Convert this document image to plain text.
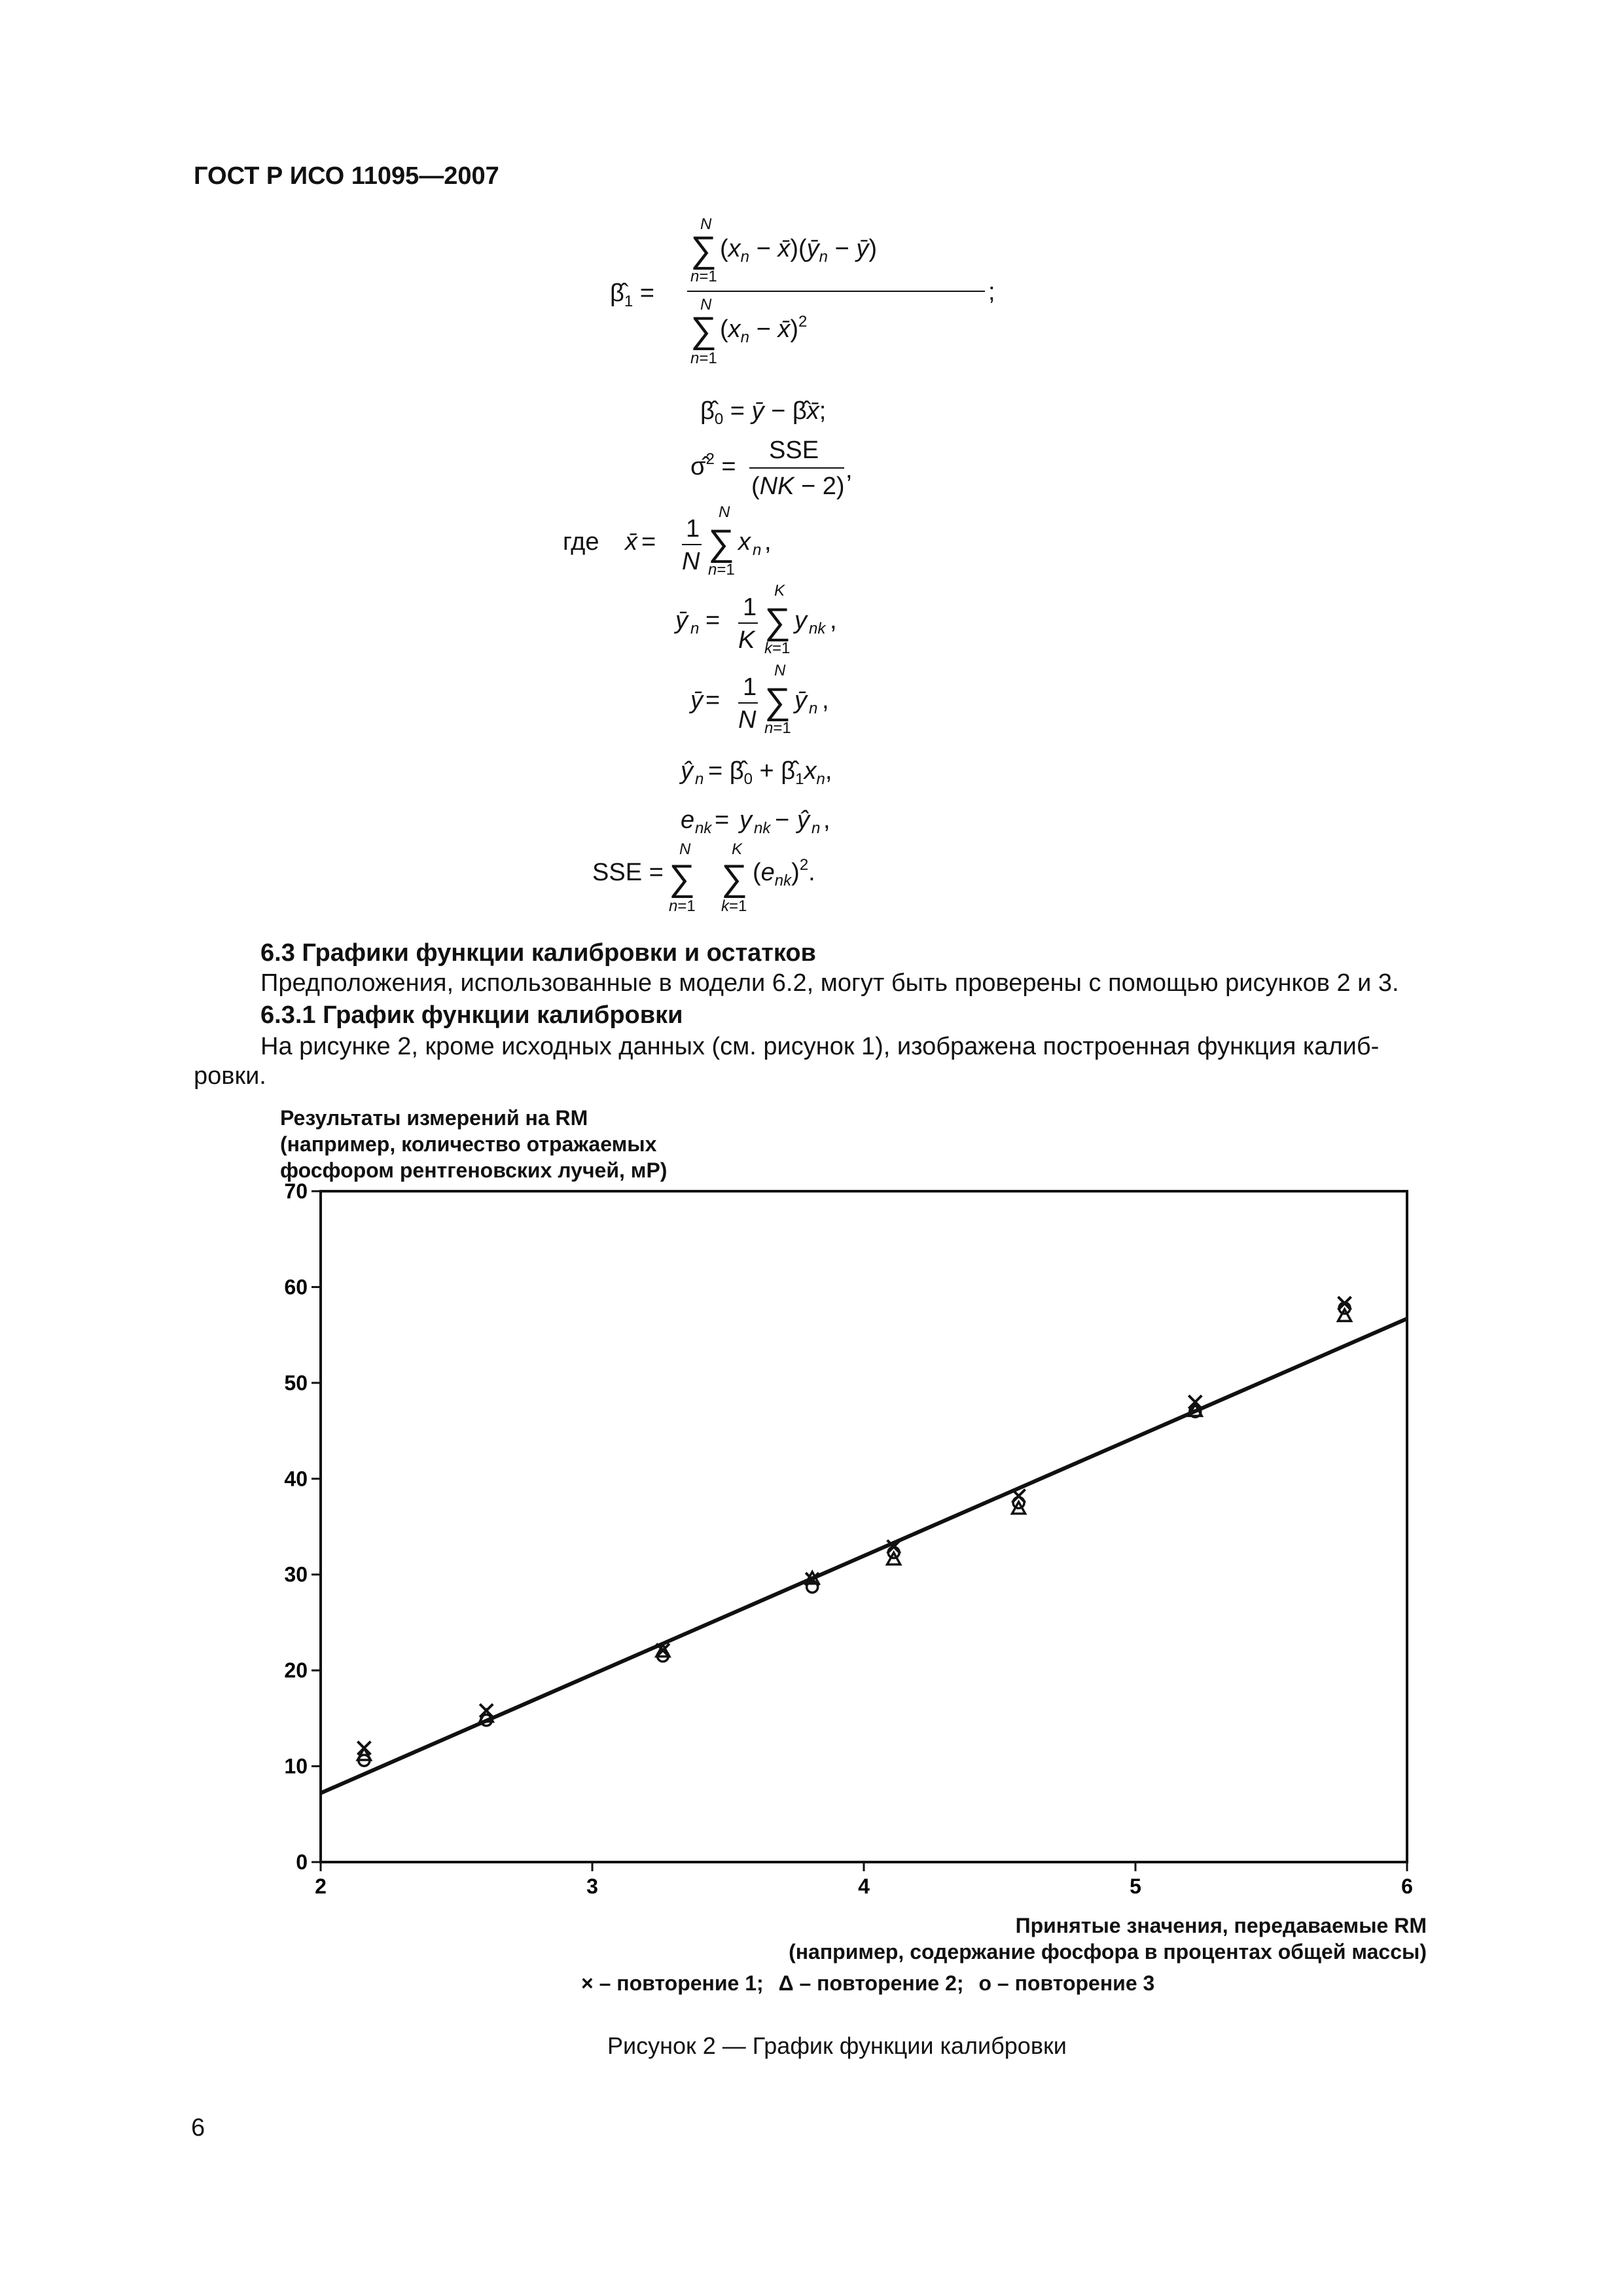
ГОСТ Р ИСО 11095—2007
N
∑ ($x_n$ − $x̄)(ȳ_n$ − ȳ)
n=1
N
∑ ($x_n$ − x̄)$^2$
n=1
;
$\betâ_1$ =
$\betâ_0$ = ȳ − β̂x̄;
σ̂$^2$ =
SSE
(NK − 2)
,
где x̄ = 1
N
N
∑
n=1
x n ,
ȳ n = 1
K
K
∑
k=1
y nk ,
ȳ = 1
N
N
∑
n=1
ȳ n ,
ŷ $n = \betâ_0$ + $\betâ_1x_n$,
e nk = y nk − ŷ n ,
SSE =
N
∑
n=1
K
∑
k=1
$(e_{nk})^2$.
6.3 Графики функции калибровки и остатков
Предположения, использованные в модели 6.2, могут быть проверены с помощью рисунков 2 и 3.
6.3.1 График функции калибровки
На рисунке 2, кроме исходных данных (см. рисунок 1), изображена построенная функция калиб-
ровки.
Результаты измерений на RM
(например, количество отражаемых
фосфором рентгеновских лучей, мР)
0
10
20
30
40
50
60
70
2	3	4	5	6
Принятые значения, передаваемые RM
(например, содержание фосфора в процентах общей массы)
× – повторение 1; Δ – повторение 2; o – повторение 3
Рисунок 2 — График функции калибровки
6
